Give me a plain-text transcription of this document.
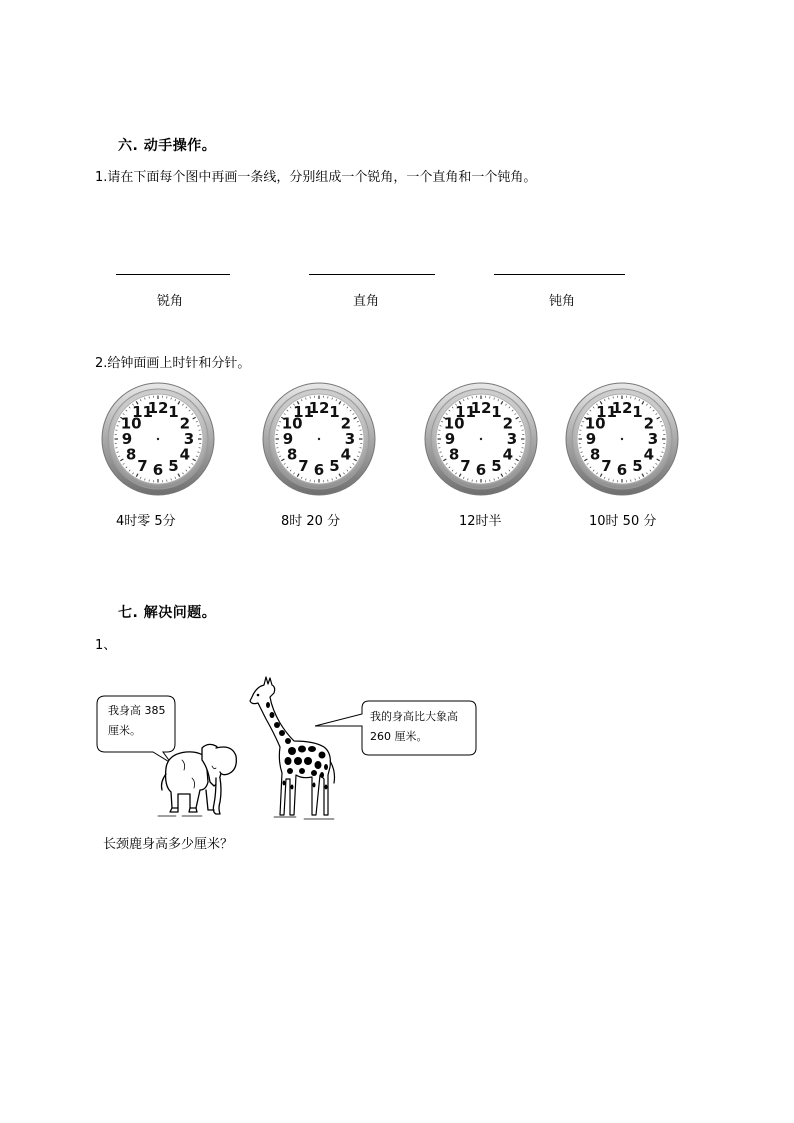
六. 动手操作。
1.请在下面每个图中再画一条线，分别组成一个锐角，一个直角和一个钝角。
锐角	直角	钝角
2.给钟面画上时针和分针。
12 1
2
3
4
5
6
7
8
9
10
11	12 1
2
3
4
5
6
7
8
9
10
11	12 1
2
3
4
5
6
7
8
9
10
11	12 1
2
3
4
5
6
7
8
9
10
11
4时零 5分	8时 20 分	12时半	10时 50 分
七. 解决问题。
1、
我身高 385
厘米。
我的身高比大象高
260 厘米。
长颈鹿身高多少厘米？
